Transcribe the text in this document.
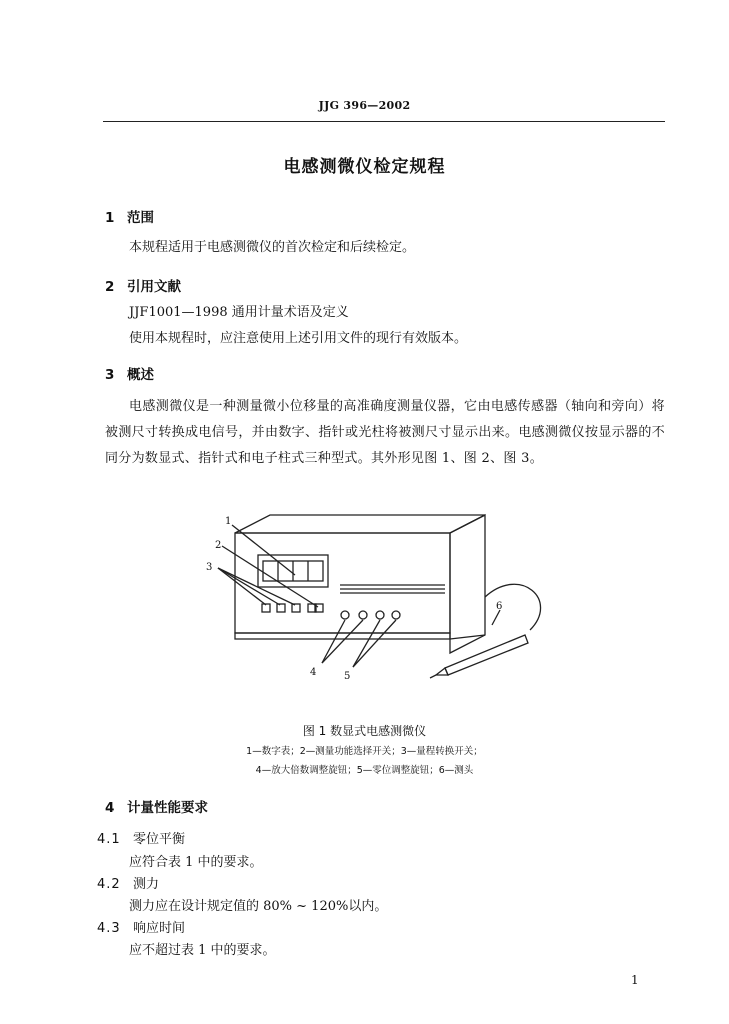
JJG 396—2002
电感测微仪检定规程
1 范围
本规程适用于电感测微仪的首次检定和后续检定。
2 引用文献
JJF1001—1998 通用计量术语及定义
使用本规程时，应注意使用上述引用文件的现行有效版本。
3 概述
电感测微仪是一种测量微小位移量的高准确度测量仪器，它由电感传感器（轴向和旁向）将被测尺寸转换成电信号，并由数字、指针或光柱将被测尺寸显示出来。电感测微仪按显示器的不同分为数显式、指针式和电子柱式三种型式。其外形见图 1、图 2、图 3。
1
2
3
4	5
6
图 1 数显式电感测微仪
1—数字表；2—测量功能选择开关；3—量程转换开关；
4—放大倍数调整旋钮；5—零位调整旋钮；6—测头
4 计量性能要求
4.1 零位平衡
应符合表 1 中的要求。
4.2 测力
测力应在设计规定值的 80% ~ 120%以内。
4.3 响应时间
应不超过表 1 中的要求。
1
